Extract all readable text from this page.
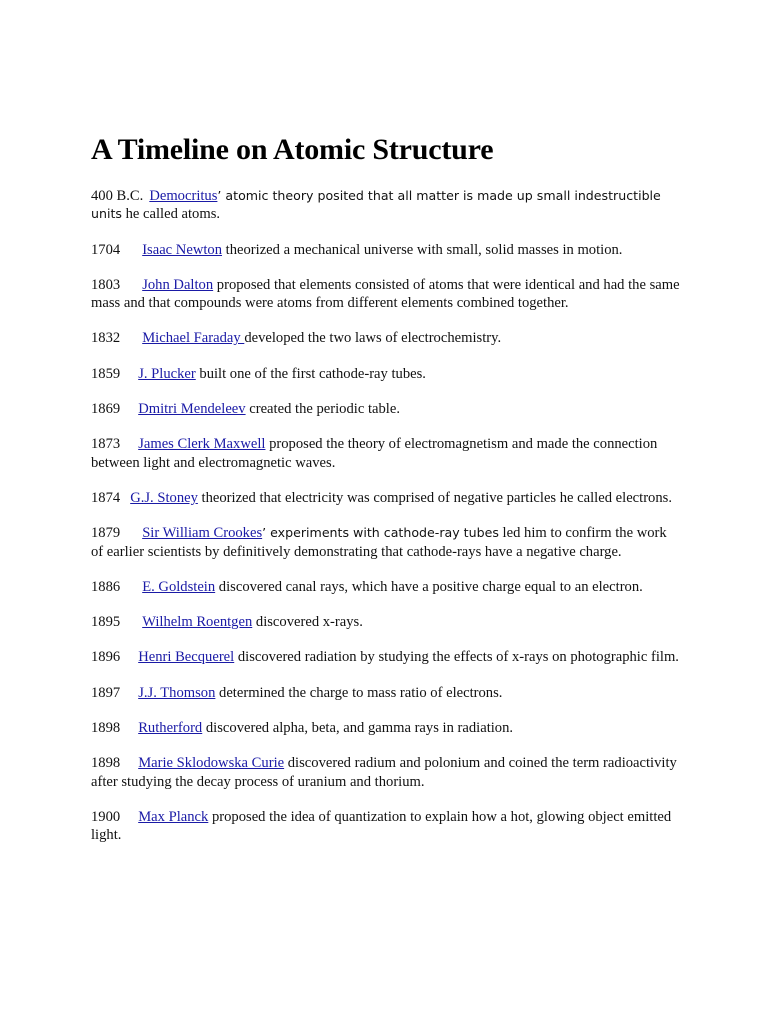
A Timeline on Atomic Structure

400 B.C. Democritus’ atomic theory posited that all matter is made up small indestructible units he called atoms.

1704 Isaac Newton theorized a mechanical universe with small, solid masses in motion.

1803 John Dalton proposed that elements consisted of atoms that were identical and had the same mass and that compounds were atoms from different elements combined together.

1832 Michael Faraday developed the two laws of electrochemistry.

1859 J. Plucker built one of the first cathode-ray tubes.

1869 Dmitri Mendeleev created the periodic table.

1873 James Clerk Maxwell proposed the theory of electromagnetism and made the connection between light and electromagnetic waves.

1874 G.J. Stoney theorized that electricity was comprised of negative particles he called electrons.

1879 Sir William Crookes’ experiments with cathode-ray tubes led him to confirm the work of earlier scientists by definitively demonstrating that cathode-rays have a negative charge.

1886 E. Goldstein discovered canal rays, which have a positive charge equal to an electron.

1895 Wilhelm Roentgen discovered x-rays.

1896 Henri Becquerel discovered radiation by studying the effects of x-rays on photographic film.

1897 J.J. Thomson determined the charge to mass ratio of electrons.

1898 Rutherford discovered alpha, beta, and gamma rays in radiation.

1898 Marie Sklodowska Curie discovered radium and polonium and coined the term radioactivity after studying the decay process of uranium and thorium.

1900 Max Planck proposed the idea of quantization to explain how a hot, glowing object emitted light.
